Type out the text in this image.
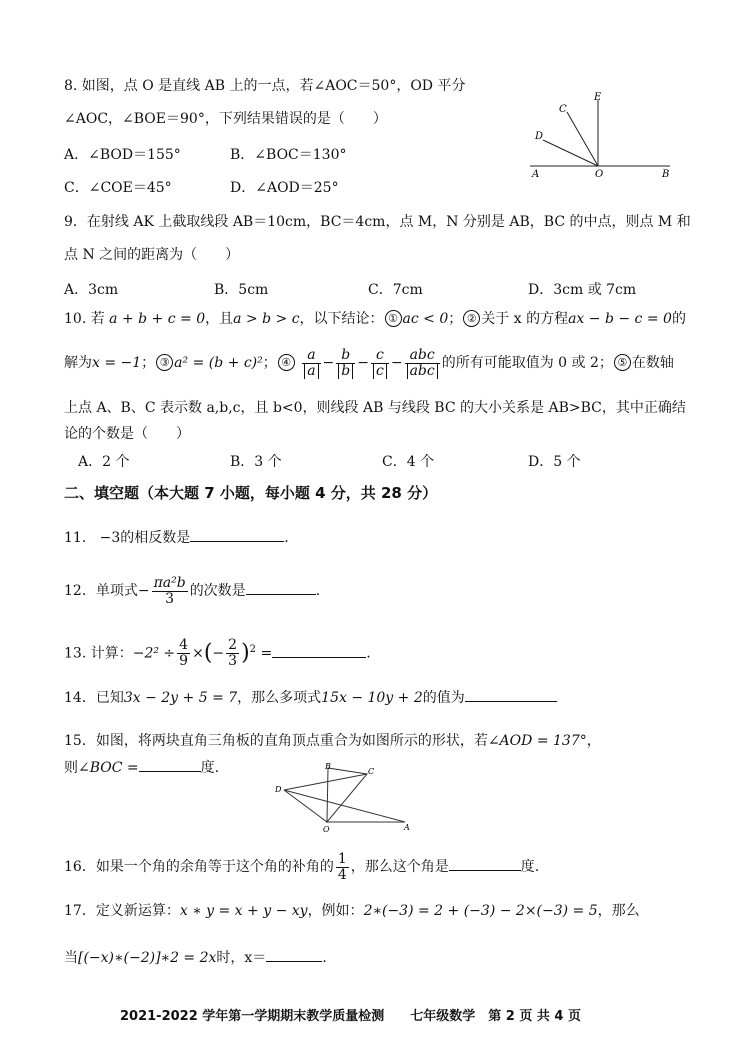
8. 如图，点 O 是直线 AB 上的一点，若∠AOC＝50°，OD 平分
∠AOC，∠BOE＝90°，下列结果错误的是（　　）
A．∠BOD＝155°	B．∠BOC＝130°
C．∠COE＝45°	D．∠AOD＝25°
C
E
D
A	O	B
9．在射线 AK 上截取线段 AB＝10cm，BC＝4cm，点 M，N 分别是 AB，BC 的中点，则点 M 和
点 N 之间的距离为（　　）
A．3cm	B．5cm	C．7cm	D．3cm 或 7cm
10. 若 a + b + c = 0，且a > b > c，以下结论： ① ac < 0； ② 关于 x 的方程ax − b − c = 0的
解为x = −1； ③ a² = (b + c)²； ④ $\frac{a}{a} - \frac{b}{b} - \frac{c}{c} - \frac{\text{abc}}{\text{abc}}$ 的所有可能取值为 0 或 2； ⑤ 在数轴
上点 A、B、C 表示数 a,b,c，且 b<0，则线段 AB 与线段 BC 的大小关系是 AB>BC，其中正确结
论的个数是（　　）
A．2 个	B．3 个	C．4 个	D．5 个
二、填空题（本大题 7 小题，每小题 4 分，共 28 分）
11. −3的相反数是	.
12．单项式− $\frac{\text{πa²b}}{3}$ 的次数是	.
13. 计算：$-2^2 \div \frac{4}{9}$ ×(− $\frac{2}{3} )^2$ =	.
14．已知3x − 2y + 5 = 7，那么多项式15x − 10y + 2的值为
15．如图，将两块直角三角板的直角顶点重合为如图所示的形状，若∠AOD = 137°，
则∠BOC =	度.	B
C
D
O	A
16．如果一个角的余角等于这个角的补角的 $\frac{1}{4}$ ，那么这个角是	度.
17．定义新运算：x ∗ y = x + y − xy，例如：2∗(−3) = 2 + (−3) − 2×(−3) = 5，那么
当[(−x)∗(−2)]∗2 = 2x时，x＝	.
2021-2022 学年第一学期期末教学质量检测　　七年级数学　第 2 页 共 4 页
